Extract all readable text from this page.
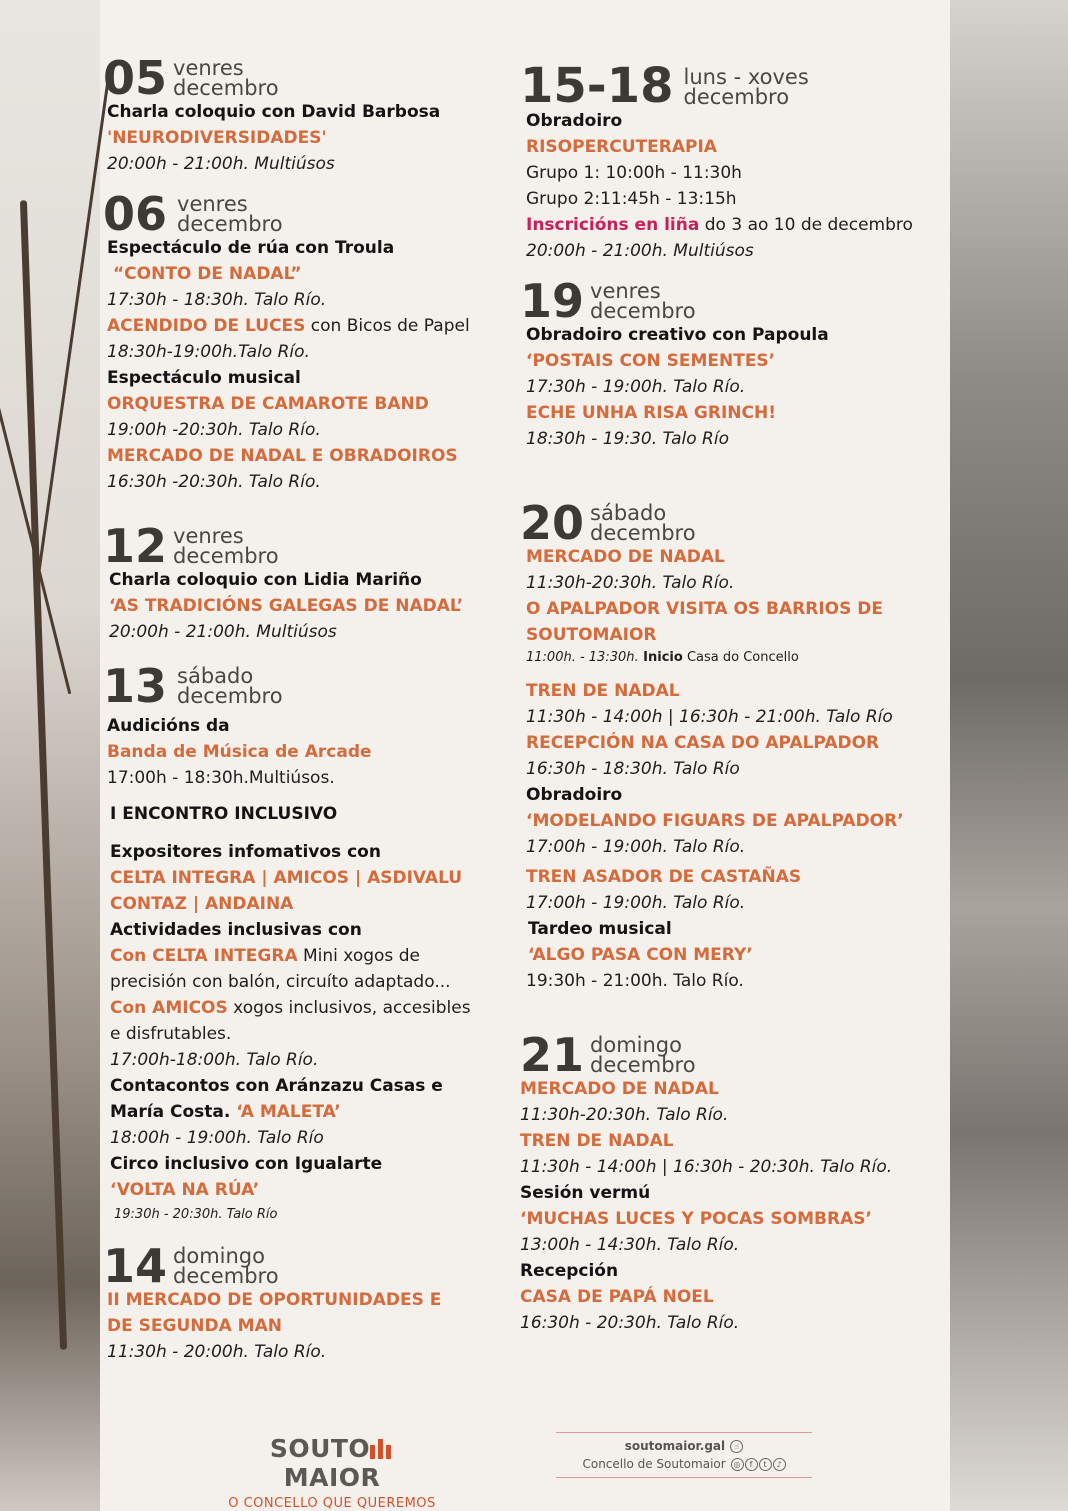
05 venres
decembro
Charla coloquio con David Barbosa
'NEURODIVERSIDADES'
20:00h - 21:00h. Multiúsos
06 venres
decembro
Espectáculo de rúa con Troula
“CONTO DE NADAL”
17:30h - 18:30h. Talo Río.
ACENDIDO DE LUCES con Bicos de Papel
18:30h-19:00h.Talo Río.
Espectáculo musical
ORQUESTRA DE CAMAROTE BAND
19:00h -20:30h. Talo Río.
MERCADO DE NADAL E OBRADOIROS
16:30h -20:30h. Talo Río.
12 venres
decembro
Charla coloquio con Lidia Mariño
‘AS TRADICIÓNS GALEGAS DE NADAL’
20:00h - 21:00h. Multiúsos
13 sábado
decembro
Audicións da
Banda de Música de Arcade
17:00h - 18:30h.Multiúsos.
I ENCONTRO INCLUSIVO
Expositores infomativos con
CELTA INTEGRA | AMICOS | ASDIVALU
CONTAZ | ANDAINA
Actividades inclusivas con
Con CELTA INTEGRA Mini xogos de
precisión con balón, circuíto adaptado...
Con AMICOS xogos inclusivos, accesibles
e disfrutables.
17:00h-18:00h. Talo Río.
Contacontos con Aránzazu Casas e
María Costa. ‘A MALETA’
18:00h - 19:00h. Talo Río
Circo inclusivo con Igualarte
‘VOLTA NA RÚA’
19:30h - 20:30h. Talo Río
14 domingo
decembro
II MERCADO DE OPORTUNIDADES E
DE SEGUNDA MAN
11:30h - 20:00h. Talo Río.
15-18 luns - xoves
decembro
Obradoiro
RISOPERCUTERAPIA
Grupo 1: 10:00h - 11:30h
Grupo 2:11:45h - 13:15h
Inscricións en liña do 3 ao 10 de decembro
20:00h - 21:00h. Multiúsos
19 venres
decembro
Obradoiro creativo con Papoula
‘POSTAIS CON SEMENTES’
17:30h - 19:00h. Talo Río.
ECHE UNHA RISA GRINCH!
18:30h - 19:30. Talo Río
20 sábado
decembro
MERCADO DE NADAL
11:30h-20:30h. Talo Río.
O APALPADOR VISITA OS BARRIOS DE
SOUTOMAIOR
11:00h. - 13:30h. Inicio Casa do Concello
TREN DE NADAL
11:30h - 14:00h | 16:30h - 21:00h. Talo Río
RECEPCIÓN NA CASA DO APALPADOR
16:30h - 18:30h. Talo Río
Obradoiro
‘MODELANDO FIGUARS DE APALPADOR’
17:00h - 19:00h. Talo Río.
TREN ASADOR DE CASTAÑAS
17:00h - 19:00h. Talo Río.
Tardeo musical
‘ALGO PASA CON MERY’
19:30h - 21:00h. Talo Río.
21 domingo
decembro
MERCADO DE NADAL
11:30h-20:30h. Talo Río.
TREN DE NADAL
11:30h - 14:00h | 16:30h - 20:30h. Talo Río.
Sesión vermú
‘MUCHAS LUCES Y POCAS SOMBRAS’
13:00h - 14:30h. Talo Río.
Recepción
CASA DE PAPÁ NOEL
16:30h - 20:30h. Talo Río.
SOUTO
MAIOR
O CONCELLO QUE QUEREMOS
soutomaior.gal ☝
Concello de Soutomaior ◎ f t ♪
